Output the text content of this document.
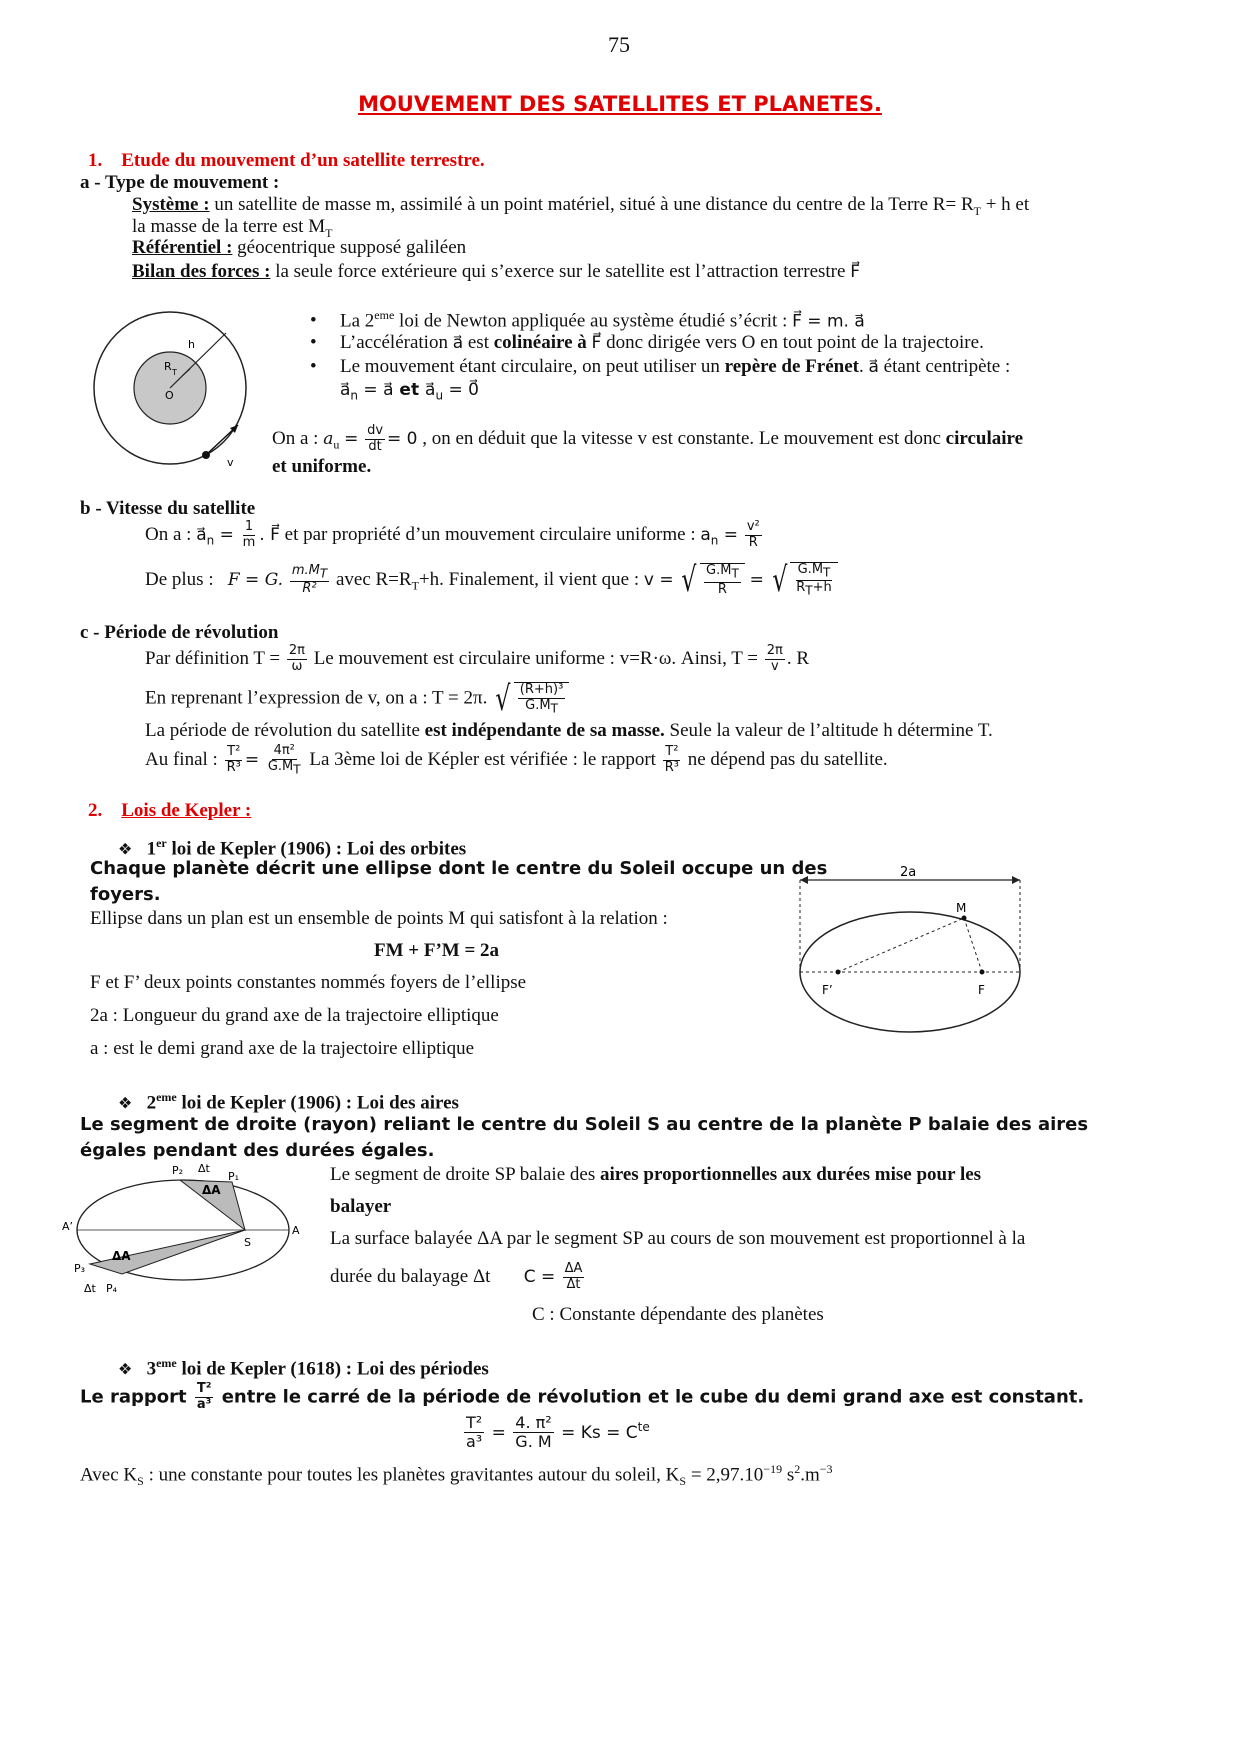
75
MOUVEMENT DES SATELLITES ET PLANETES.
1. Etude du mouvement d’un satellite terrestre.
a - Type de mouvement :
Système : un satellite de masse m, assimilé à un point matériel, situé à une distance du centre de la Terre $R= R_T + h$ et
la masse de la terre est $M_T$
Référentiel : géocentrique supposé galiléen
Bilan des forces : la seule force extérieure qui s’exerce sur le satellite est l’attraction terrestre F⃗
h
R T
O
v
• La 2eme loi de Newton appliquée au système étudié s’écrit : F⃗ = m. a⃗
• L’accélération a⃗ est colinéaire à F⃗ donc dirigée vers O en tout point de la trajectoire.
• Le mouvement étant circulaire, on peut utiliser un repère de Frénet. a⃗ étant centripète :
$a⃗_n$ = a⃗ et $a⃗_u$ = 0⃗
On a : $a_u = \frac{dv}{dt} = 0$ , on en déduit que la vitesse v est constante. Le mouvement est donc circulaire
et uniforme.
b - Vitesse du satellite
On a : $a⃗_n = \frac{1}{m}$ . F⃗ et par propriété d’un mouvement circulaire uniforme : $a_n = \frac{\text{v²}}{R}$
De plus : F = G. $\frac{m.M_T}{\text{R²}}$ avec $R=R_T+h$. Finalement, il vient que : v = √ $\frac{G.M_T}{R}$ = √ $\frac{G.M_T}{R_T+h}$
c - Période de révolution
Par définition $T = \frac{2\pi}{\omega}$ Le mouvement est circulaire uniforme : v=R·ω. Ainsi, $T = \frac{2\pi}{v}$ . R
En reprenant l’expression de v, on a : T = 2π. √ $\frac{\text{(R+h)³}}{G.M_T}$
La période de révolution du satellite est indépendante de sa masse. Seule la valeur de l’altitude h détermine T.
Au final : $\frac{\text{T²}}{\text{R³}} = \frac{\text{4π²}}{G.M_T}$ La 3ème loi de Képler est vérifiée : le rapport $\frac{\text{T²}}{\text{R³}}$ ne dépend pas du satellite.
2. Lois de Kepler :
❖   1er loi de Kepler (1906) : Loi des orbites
Chaque planète décrit une ellipse dont le centre du Soleil occupe un des
foyers.
Ellipse dans un plan est un ensemble de points M qui satisfont à la relation :
FM + F’M = 2a
F et F’ deux points constantes nommés foyers de l’ellipse
2a : Longueur du grand axe de la trajectoire elliptique
a : est le demi grand axe de la trajectoire elliptique
2a
M
F’	F
❖   2eme loi de Kepler (1906) : Loi des aires
Le segment de droite (rayon) reliant le centre du Soleil S au centre de la planète P balaie des aires
égales pendant des durées égales.
P₂ Δt
P₁
ΔA
A’
S
A
ΔA
P₃
Δt P₄
Le segment de droite SP balaie des aires proportionnelles aux durées mise pour les
balayer
La surface balayée ΔA par le segment SP au cours de son mouvement est proportionnel à la
durée du balayage Δt $C = \frac{\Delta A}{\Delta t}$
C : Constante dépendante des planètes
❖   3eme loi de Kepler (1618) : Loi des périodes
Le rapport $\frac{\text{T²}}{\text{a³}}$ entre le carré de la période de révolution et le cube du demi grand axe est constant.
$\frac{\text{T²}}{\text{a³}} = \frac{\text{4. π²}}{G. M} = Ks = C^{te}$
Avec $K_S$ : une constante pour toutes les planètes gravitantes autour du soleil, $K_S = 2,97.10^{-19}$ $s^2.m^{-3}$
